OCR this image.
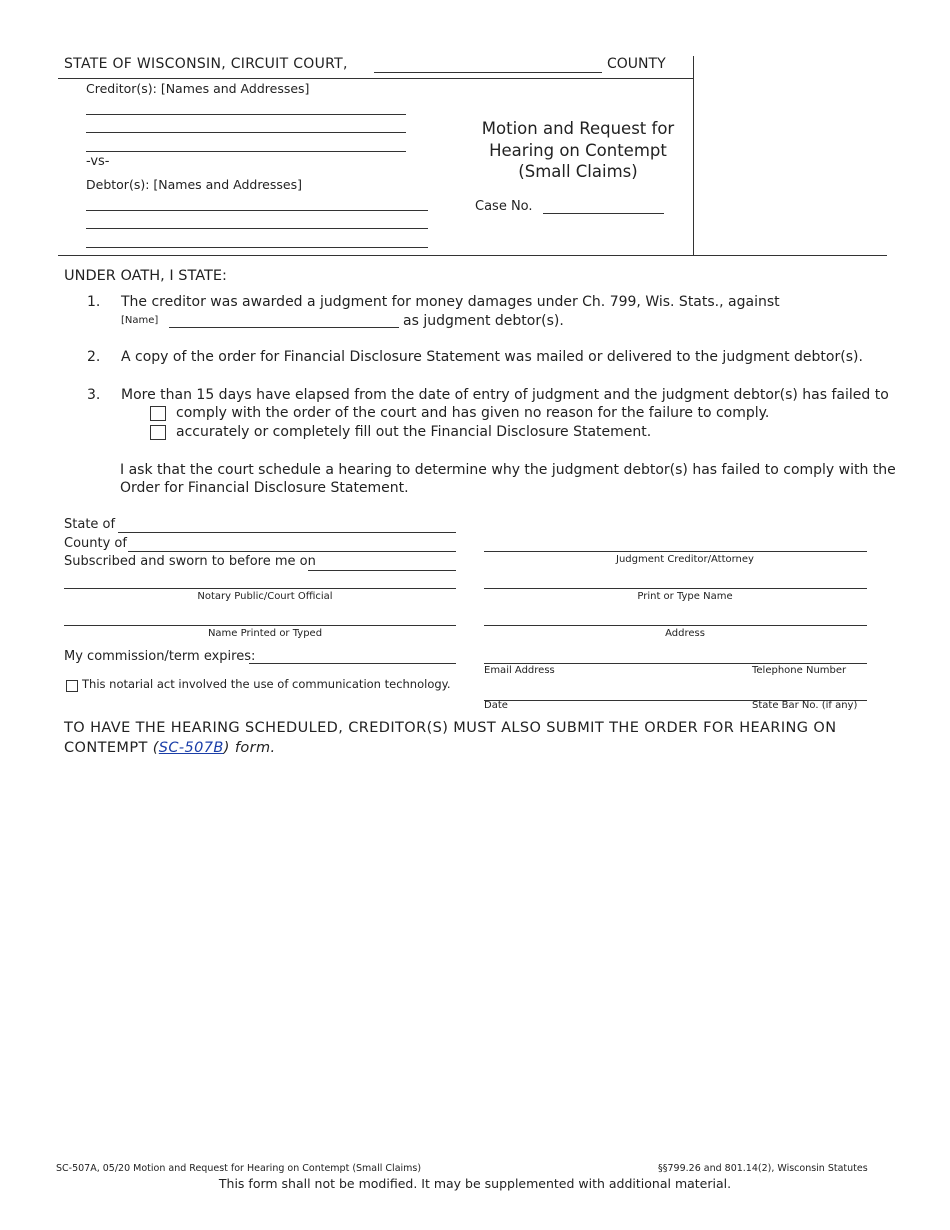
STATE OF WISCONSIN, CIRCUIT COURT,	COUNTY
Creditor(s): [Names and Addresses]
-vs-
Debtor(s): [Names and Addresses]
Motion and Request for
Hearing on Contempt
(Small Claims)
Case No.
UNDER OATH, I STATE:
1. The creditor was awarded a judgment for money damages under Ch. 799, Wis. Stats., against
[Name]	as judgment debtor(s).
2. A copy of the order for Financial Disclosure Statement was mailed or delivered to the judgment debtor(s).
3. More than 15 days have elapsed from the date of entry of judgment and the judgment debtor(s) has failed to
comply with the order of the court and has given no reason for the failure to comply.
accurately or completely fill out the Financial Disclosure Statement.
I ask that the court schedule a hearing to determine why the judgment debtor(s) has failed to comply with the
Order for Financial Disclosure Statement.
State of
County of
Subscribed and sworn to before me on
Notary Public/Court Official
Name Printed or Typed
My commission/term expires:
This notarial act involved the use of communication technology.
Judgment Creditor/Attorney
Print or Type Name
Address
Email Address	Telephone Number
Date	State Bar No. (if any)
TO HAVE THE HEARING SCHEDULED, CREDITOR(S) MUST ALSO SUBMIT THE ORDER FOR HEARING ON
CONTEMPT (SC-507B) form.
SC-507A, 05/20 Motion and Request for Hearing on Contempt (Small Claims)	§§799.26 and 801.14(2), Wisconsin Statutes
This form shall not be modified. It may be supplemented with additional material.
